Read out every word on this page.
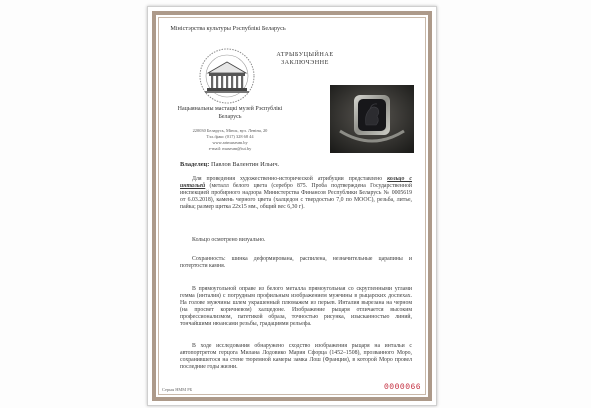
Міністэрства культуры Рэспублікі Беларусь
Нацыянальны мастацкі музей Рэспублікі Беларусь
220030 Беларусь, Мінск, вул. Леніна, 20
Тэл./факс (017) 328 68 44
www.artmuseum.by
e-mail: museum@tut.by
АТРЫБУЦЫЙНАЕ
ЗАКЛЮЧЭННЕ
Владелец: Павлов Валентин Ильич.
Для проведения художественно-исторической атрибуции представлено кольцо с интальей (металл белого цвета (серебро 875. Проба подтверждена Государственной инспекцией пробирного надзора Министерства Финансов Республики Беларусь № 0005619 от 6.03.2018), камень черного цвета (халцедон с твердостью 7,0 по МООС), резьба, литье, пайка; размер щитка 22x15 мм., общий вес 6,30 г).
Кольцо осмотрено визуально.
Сохранность: шинка деформирована, распилена, незначительные царапины и потертости камня.
В прямоугольной оправе из белого металла прямоугольная со скругленными углами гемма (инталия) с погрудным профильным изображением мужчины в рыцарских доспехах. На голове мужчины шлем украшенный плюмажем из перьев. Инталия вырезана на черном (на просвет коричневом) халцедоне. Изображение рыцаря отличается высоким профессионализмом, патетикой образа, точностью рисунка, изысканностью линий, тончайшими нюансами резьбы, градациями рельефа.
В ходе исследования обнаружено сходство изображения рыцаря на интальи с автопортретом герцога Милана Лодовико Мария Сфорца (1452–1508), прозванного Моро, сохранившегося на стене тюремной камеры замка Лош (Франция), в которой Моро провел последние годы жизни.
Серыя НММ РБ	0000066
